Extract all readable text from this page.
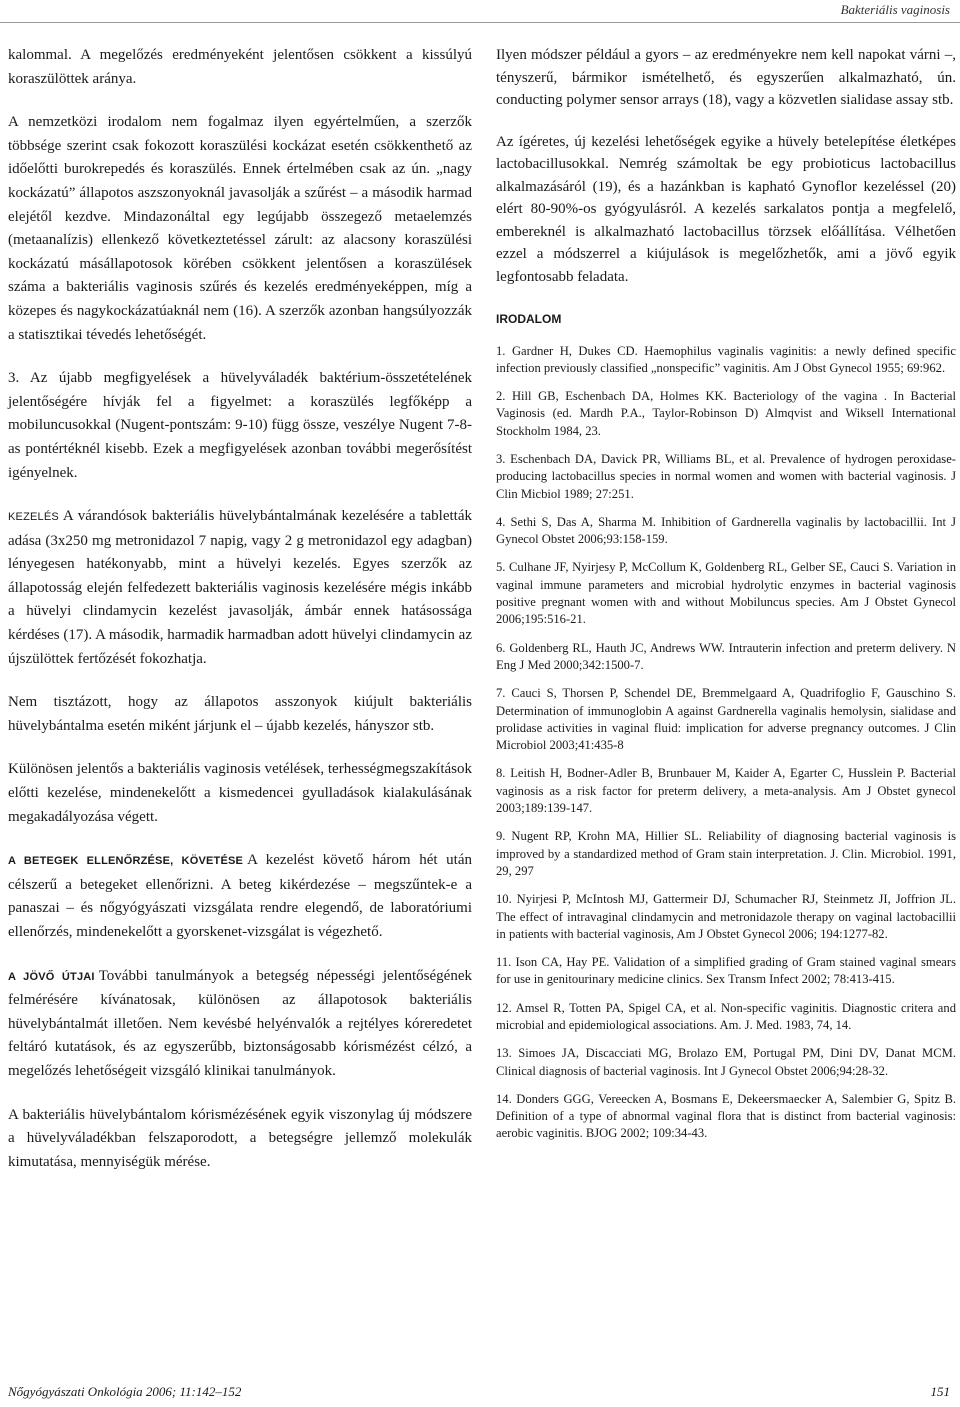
Bakteriális vaginosis

kalommal. A megelőzés eredményeként jelentősen csökkent a kissúlyú koraszülöttek aránya.

A nemzetközi irodalom nem fogalmaz ilyen egyértelműen, a szerzők többsége szerint csak fokozott koraszülési kockázat esetén csökkenthető az időelőtti burokrepedés és koraszülés. Ennek értelmében csak az ún. „nagy kockázatú” állapotos aszszonyoknál javasolják a szűrést – a második harmad elejétől kezdve. Mindazonáltal egy legújabb összegező metaelemzés (metaanalízis) ellenkező következtetéssel zárult: az alacsony koraszülési kockázatú másállapotosok körében csökkent jelentősen a koraszülések száma a bakteriális vaginosis szűrés és kezelés eredményeképpen, míg a közepes és nagykockázatúaknál nem (16). A szerzők azonban hangsúlyozzák a statisztikai tévedés lehetőségét.

3. Az újabb megfigyelések a hüvelyváladék baktérium-összetételének jelentőségére hívják fel a figyelmet: a koraszülés legfőképp a mobiluncusokkal (Nugent-pontszám: 9-10) függ össze, veszélye Nugent 7-8-as pontértéknél kisebb. Ezek a megfigyelések azonban további megerősítést igényelnek.

KEZELÉS A várandósok bakteriális hüvelybántalmának kezelésére a tabletták adása (3x250 mg metronidazol 7 napig, vagy 2 g metronidazol egy adagban) lényegesen hatékonyabb, mint a hüvelyi kezelés. Egyes szerzők az állapotosság elején felfedezett bakteriális vaginosis kezelésére mégis inkább a hüvelyi clindamycin kezelést javasolják, ámbár ennek hatásossága kérdéses (17). A második, harmadik harmadban adott hüvelyi clindamycin az újszülöttek fertőzését fokozhatja.

Nem tisztázott, hogy az állapotos asszonyok kiújult bakteriális hüvelybántalma esetén miként járjunk el – újabb kezelés, hányszor stb.

Különösen jelentős a bakteriális vaginosis vetélések, terhességmegszakítások előtti kezelése, mindenekelőtt a kismedencei gyulladások kialakulásának megakadályozása végett.

A BETEGEK ELLENŐRZÉSE, KÖVETÉSE A kezelést követő három hét után célszerű a betegeket ellenőrizni. A beteg kikérdezése – megszűntek-e a panaszai – és nőgyógyászati vizsgálata rendre elegendő, de laboratóriumi ellenőrzés, mindenekelőtt a gyorskenet-vizsgálat is végezhető.

A JÖVŐ ÚTJAI További tanulmányok a betegség népességi jelentőségének felmérésére kívánatosak, különösen az állapotosok bakteriális hüvelybántalmát illetően. Nem kevésbé helyénvalók a rejtélyes kóreredetet feltáró kutatások, és az egyszerűbb, biztonságosabb kórismézést célzó, a megelőzés lehetőségeit vizsgáló klinikai tanulmányok.

A bakteriális hüvelybántalom kórismézésének egyik viszonylag új módszere a hüvelyváladékban felszaporodott, a betegségre jellemző molekulák kimutatása, mennyiségük mérése.

Ilyen módszer például a gyors – az eredményekre nem kell napokat várni –, tényszerű, bármikor ismételhető, és egyszerűen alkalmazható, ún. conducting polymer sensor arrays (18), vagy a közvetlen sialidase assay stb.

Az ígéretes, új kezelési lehetőségek egyike a hüvely betelepítése életképes lactobacillusokkal. Nemrég számoltak be egy probioticus lactobacillus alkalmazásáról (19), és a hazánkban is kapható Gynoflor kezeléssel (20) elért 80-90%-os gyógyulásról. A kezelés sarkalatos pontja a megfelelő, embereknél is alkalmazható lactobacillus törzsek előállítása. Vélhetően ezzel a módszerrel a kiújulások is megelőzhetők, ami a jövő egyik legfontosabb feladata.

IRODALOM
1. Gardner H, Dukes CD. Haemophilus vaginalis vaginitis: a newly defined specific infection previously classified „nonspecific” vaginitis. Am J Obst Gynecol 1955; 69:962.
2. Hill GB, Eschenbach DA, Holmes KK. Bacteriology of the vagina . In Bacterial Vaginosis (ed. Mardh P.A., Taylor-Robinson D) Almqvist and Wiksell International Stockholm 1984, 23.
3. Eschenbach DA, Davick PR, Williams BL, et al. Prevalence of hydrogen peroxidase-producing lactobacillus species in normal women and women with bacterial vaginosis. J Clin Micbiol 1989; 27:251.
4. Sethi S, Das A, Sharma M. Inhibition of Gardnerella vaginalis by lactobacillii. Int J Gynecol Obstet 2006;93:158-159.
5. Culhane JF, Nyirjesy P, McCollum K, Goldenberg RL, Gelber SE, Cauci S. Variation in vaginal immune parameters and microbial hydrolytic enzymes in bacterial vaginosis positive pregnant women with and without Mobiluncus species. Am J Obstet Gynecol 2006;195:516-21.
6. Goldenberg RL, Hauth JC, Andrews WW. Intrauterin infection and preterm delivery. N Eng J Med 2000;342:1500-7.
7. Cauci S, Thorsen P, Schendel DE, Bremmelgaard A, Quadrifoglio F, Gauschino S. Determination of immunoglobin A against Gardnerella vaginalis hemolysin, sialidase and prolidase activities in vaginal fluid: implication for adverse pregnancy outcomes. J Clin Microbiol 2003;41:435-8
8. Leitish H, Bodner-Adler B, Brunbauer M, Kaider A, Egarter C, Husslein P. Bacterial vaginosis as a risk factor for preterm delivery, a meta-analysis. Am J Obstet gynecol 2003;189:139-147.
9. Nugent RP, Krohn MA, Hillier SL. Reliability of diagnosing bacterial vaginosis is improved by a standardized method of Gram stain interpretation. J. Clin. Microbiol. 1991, 29, 297
10. Nyirjesi P, McIntosh MJ, Gattermeir DJ, Schumacher RJ, Steinmetz JI, Joffrion JL. The effect of intravaginal clindamycin and metronidazole therapy on vaginal lactobacillii in patients with bacterial vaginosis, Am J Obstet Gynecol 2006; 194:1277-82.
11. Ison CA, Hay PE. Validation of a simplified grading of Gram stained vaginal smears for use in genitourinary medicine clinics. Sex Transm Infect 2002; 78:413-415.
12. Amsel R, Totten PA, Spigel CA, et al. Non-specific vaginitis. Diagnostic critera and microbial and epidemiological associations. Am. J. Med. 1983, 74, 14.
13. Simoes JA, Discacciati MG, Brolazo EM, Portugal PM, Dini DV, Danat MCM. Clinical diagnosis of bacterial vaginosis. Int J Gynecol Obstet 2006;94:28-32.
14. Donders GGG, Vereecken A, Bosmans E, Dekeersmaecker A, Salembier G, Spitz B. Definition of a type of abnormal vaginal flora that is distinct from bacterial vaginosis: aerobic vaginitis. BJOG 2002; 109:34-43.
Nőgyógyászati Onkológia 2006; 11:142–152	151
